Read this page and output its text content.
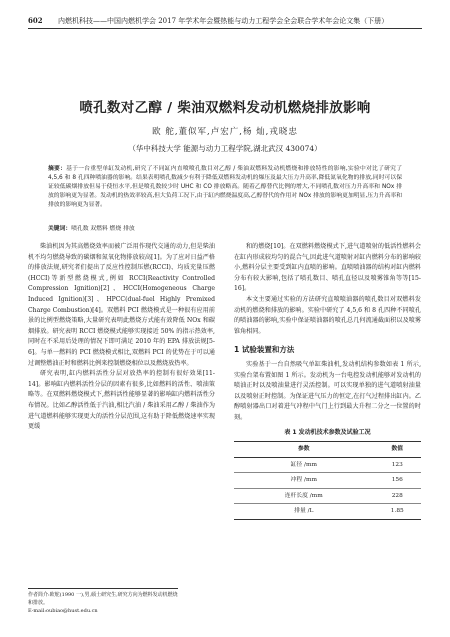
602 内燃机科技——中国内燃机学会 2017 年学术年会暨热能与动力工程学会全会联合学术年会论文集（下册）
喷孔数对乙醇 / 柴油双燃料发动机燃烧排放影响
欧 舵,董似军,卢宏广,杨 灿,戎晓忠
（华中科技大学 能源与动力工程学院,湖北武汉 430074）
摘要：基于一台重型单缸发动机,研究了不同缸内直喷喷孔数目对乙醇 / 柴油双燃料发动机燃烧和排放特性的影响,实验中对比了研究了 4,5,6 和 8 孔四种喷油器的影响。结果表明喷孔数减少有利于降低双燃料发动机的爆压及最大压力升高率,降低氮氧化物的排放,同时可以保证较低碳烟排放但易于使恒水平,但是喷孔数较少时 UHC 和 CO 排放略高。随着乙醇替代比例的增大,不同喷孔数对压力升高率和 NOx 排放的影响更为显著。发动机的热效率较高,但大负荷工况下,由于缸内燃烧温度高,乙醇替代的作用对 NOx 排放的影响更加明显,压力升高率和排放的影响更为显著。
关键词：喷孔数 双燃料 燃烧 排放

柴油机因为其高燃烧效率而被广泛用作现代交通的动力,但是柴油机不均匀燃烧导致的碳烟和氮氧化物排放较高[1]。为了应对日益严格的排放法规,研究者们提出了反应性控制压燃(RCCI)、均质充量压燃(HCCI)等新型燃烧模式,例如 RCCI(Reactivity Controlled Compression Ignition)[2]、HCCI(Homogeneous Charge Induced Ignition)[3]、HPCC(dual-fuel Highly Premixed Charge Combustion)[4]。双燃料 PCI 燃烧模式是一种很有应用前景的比例型燃烧策略,大量研究表明此燃烧方式能有效降低 NOx 和碳烟排放。研究表明 RCCI 燃烧模式能够实现接近 50% 的指示热效率,同时在不采用后处理的情况下即可满足 2010 年的 EPA 排放法规[5-6]。与单一燃料的 PCI 燃烧模式相比,双燃料 PCI 的优势在于可以通过调整燃油正时和燃料比例来控制燃烧相位以及燃烧放热率。

研究表明,缸内燃料活性分层对放热率的控制有很好效果[11-14]。影响缸内燃料活性分层的因素有很多,比如燃料的活性、喷油策略等。在双燃料燃烧模式下,燃料活性能够显著的影响缸内燃料活性分布情况。比如乙醇活性低于汽油,相比汽油 / 柴油采用乙醇 / 柴油作为进气道燃料能够实现更大的活性分层范围,这有助于降低燃烧速率实现更缓

和的燃烧[10]。在双燃料燃烧模式下,进气道喷射的低活性燃料会在缸内形成较均匀的混合气,因此进气道喷射对缸内燃料分布的影响较小,燃料分层主要受到缸内直喷的影响。直喷喷油器的结构对缸内燃料分布有较大影响,包括了喷孔数目、喷孔直径以及喷雾锥角等等[15-16]。

本文主要通过实验的方法研究直喷喷油器的喷孔数目对双燃料发动机的燃烧和排放的影响。实验中研究了 4,5,6 和 8 孔四种不同喷孔的喷油器的影响,实验中保证喷油器的喷孔总几何流通截面积以及喷雾锥角相同。

1 试验装置和方法

实验基于一台自然吸气单缸柴油机,发动机结构参数如表 1 所示,实验台架布置如图 1 所示。发动机为一台电控发动机能够对发动机的喷油正时以及喷油量进行灵活控制。可以实现单独的进气道喷射油量以及喷射正时控制。为保证进气压力的恒定,在打气过程排出缸内。乙醇喷射器出口对着进气冲程中气门上行到最大升程二分之一位置的时刻。

表 1 发动机技术参数及试验工况
参数	数值
缸径 /mm	123
冲程 /mm	156
连杆长度 /mm	228
排量 /L	1.85
作者简介:欧舵(1990 一),男,硕士研究生,研究方向为燃料发动机燃烧和排放。
E-mail:oubiao@hust.edu.cn
